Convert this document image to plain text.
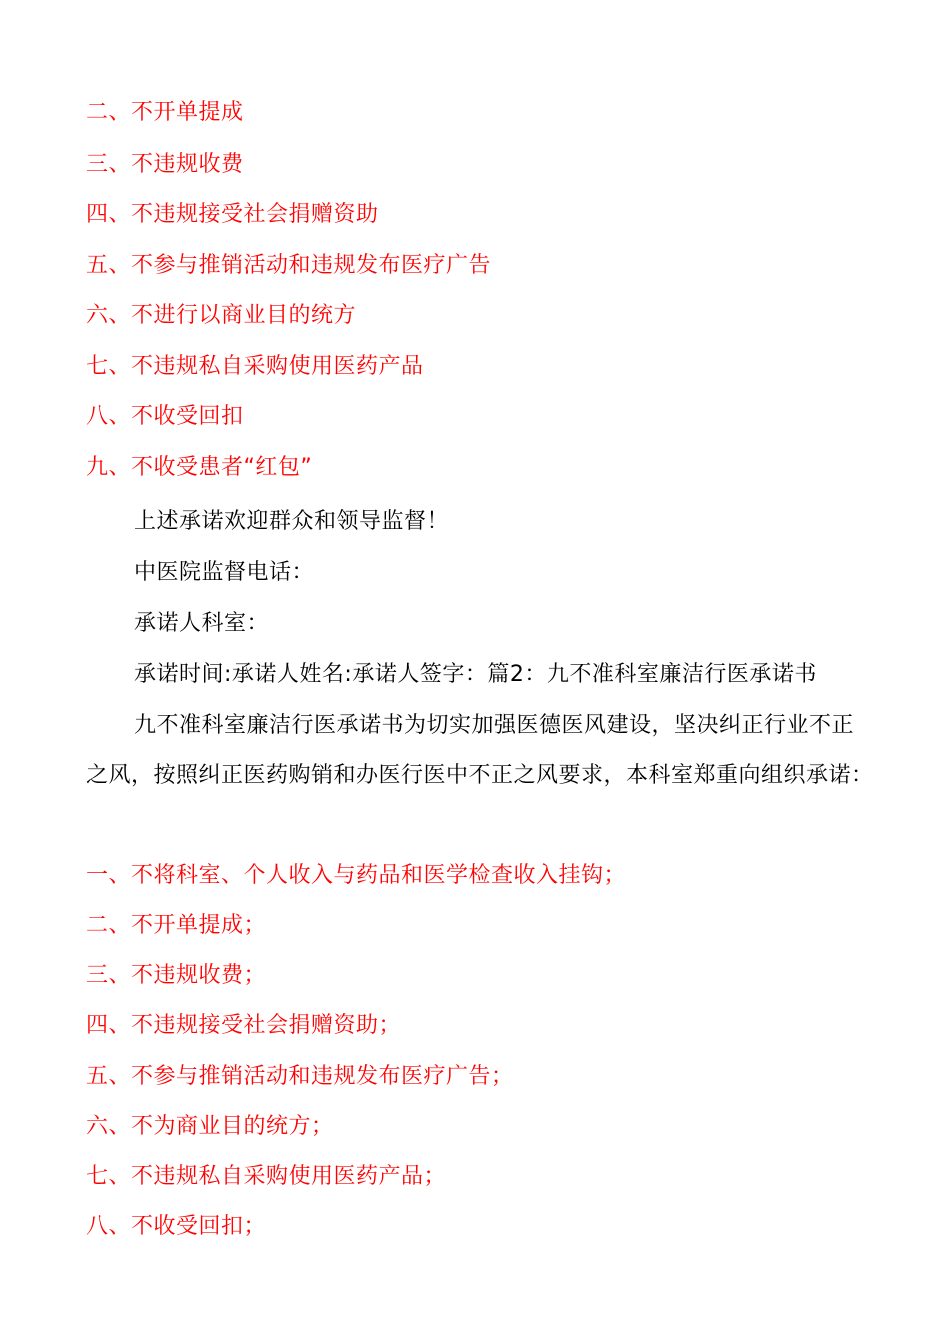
二、不开单提成
三、不违规收费
四、不违规接受社会捐赠资助
五、不参与推销活动和违规发布医疗广告
六、不进行以商业目的统方
七、不违规私自采购使用医药产品
八、不收受回扣
九、不收受患者“红包”
上述承诺欢迎群众和领导监督！
中医院监督电话：
承诺人科室：
承诺时间:承诺人姓名:承诺人签字：篇2：九不准科室廉洁行医承诺书
九不准科室廉洁行医承诺书为切实加强医德医风建设，坚决纠正行业不正之风，按照纠正医药购销和办医行医中不正之风要求，本科室郑重向组织承诺：
一、不将科室、个人收入与药品和医学检查收入挂钩；
二、不开单提成；
三、不违规收费；
四、不违规接受社会捐赠资助；
五、不参与推销活动和违规发布医疗广告；
六、不为商业目的统方；
七、不违规私自采购使用医药产品；
八、不收受回扣；
